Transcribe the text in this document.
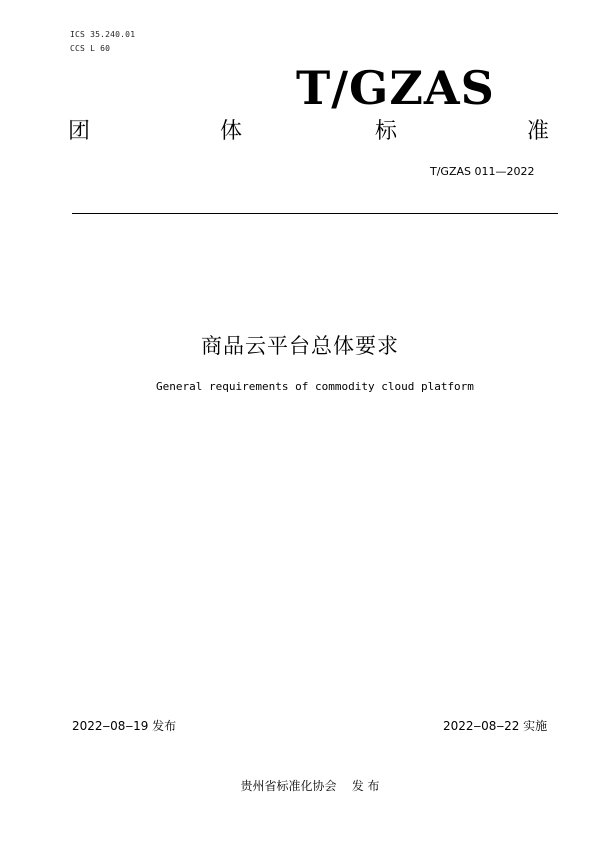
ICS 35.240.01
CCS L 60
T/GZAS
团	体	标	准
T/GZAS 011—2022
商品云平台总体要求
General requirements of commodity cloud platform
2022‒08‒19 发布	2022‒08‒22 实施
贵州省标准化协会    发 布
